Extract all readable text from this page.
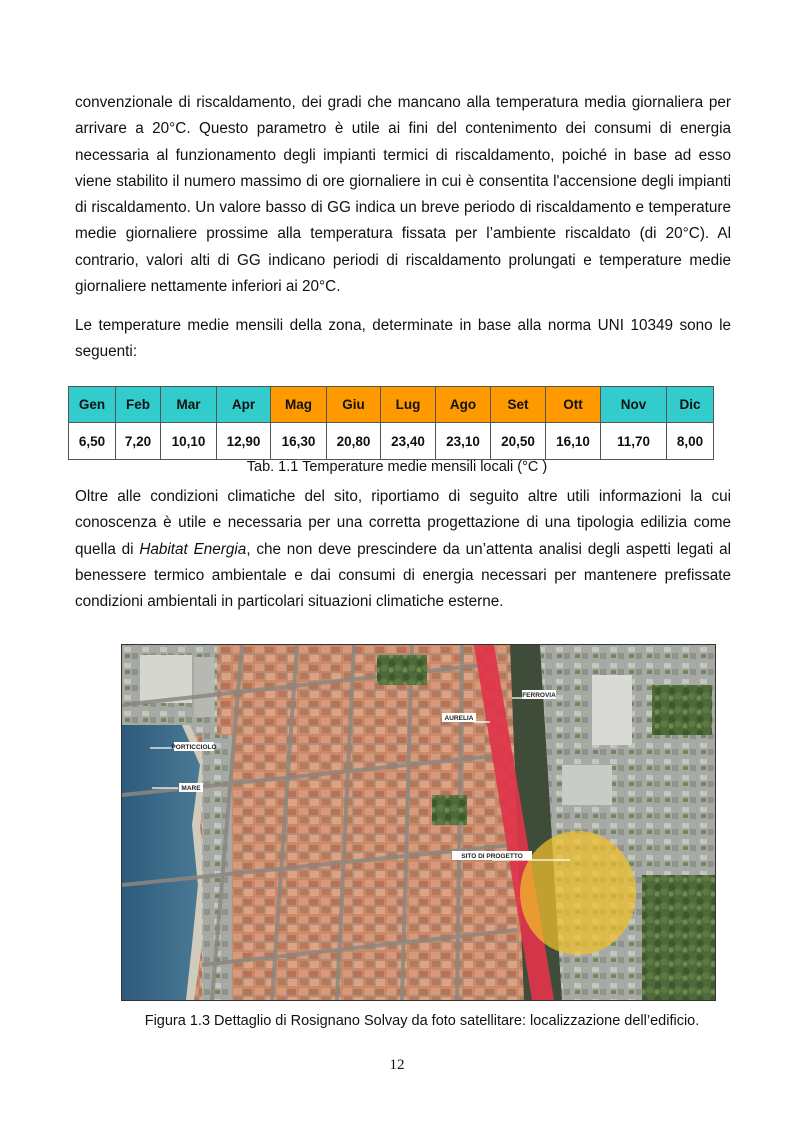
convenzionale di riscaldamento, dei gradi che mancano alla temperatura media giornaliera per arrivare a 20°C. Questo parametro è utile ai fini del contenimento dei consumi di energia necessaria al funzionamento degli impianti termici di riscaldamento, poiché in base ad esso viene stabilito il numero massimo di ore giornaliere in cui è consentita l'accensione degli impianti di riscaldamento. Un valore basso di GG indica un breve periodo di riscaldamento e temperature medie giornaliere prossime alla temperatura fissata per l’ambiente riscaldato (di 20°C). Al contrario, valori alti di GG indicano periodi di riscaldamento prolungati e temperature medie giornaliere nettamente inferiori ai 20°C.

Le temperature medie mensili della zona, determinate in base alla norma UNI 10349 sono le seguenti:

Gen	Feb	Mar	Apr	Mag	Giu	Lug	Ago	Set	Ott	Nov	Dic
6,50	7,20	10,10	12,90	16,30	20,80	23,40	23,10	20,50	16,10	11,70	8,00
Tab. 1.1 Temperature medie mensili locali (°C )

Oltre alle condizioni climatiche del sito, riportiamo di seguito altre utili informazioni la cui conoscenza è utile e necessaria per una corretta progettazione di una tipologia edilizia come quella di Habitat Energia, che non deve prescindere da un’attenta analisi degli aspetti legati al benessere termico ambientale e dai consumi di energia necessari per mantenere prefissate condizioni ambientali in particolari situazioni climatiche esterne.

PORTICCIOLO
MARE
AURELIA
FERROVIA
SITO DI PROGETTO
Figura 1.3 Dettaglio di Rosignano Solvay da foto satellitare: localizzazione dell’edificio.
12
